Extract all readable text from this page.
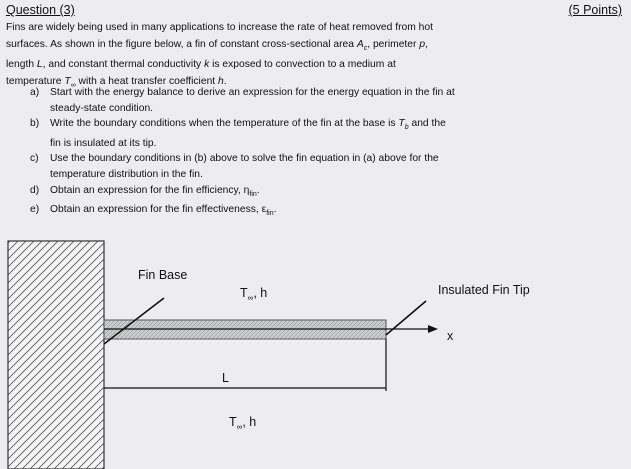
Question (3)	(5 Points)
Fins are widely being used in many applications to increase the rate of heat removed from hot
surfaces. As shown in the figure below, a fin of constant cross-sectional area $A_c$, perimeter p,
length L, and constant thermal conductivity k is exposed to convection to a medium at
temperature $T_\infty$ with a heat transfer coefficient h.
a) Start with the energy balance to derive an expression for the energy equation in the fin at
steady-state condition.
b) Write the boundary conditions when the temperature of the fin at the base is $T_b$ and the
fin is insulated at its tip.
c) Use the boundary conditions in (b) above to solve the fin equation in (a) above for the
temperature distribution in the fin.
d) Obtain an expression for the fin efficiency, $\eta_{fin}$.
e) Obtain an expression for the fin effectiveness, $\varepsilon_{fin}$.
Fin Base
$T_\infty$, h	Insulated Fin Tip
x
L
$T_\infty$, h
